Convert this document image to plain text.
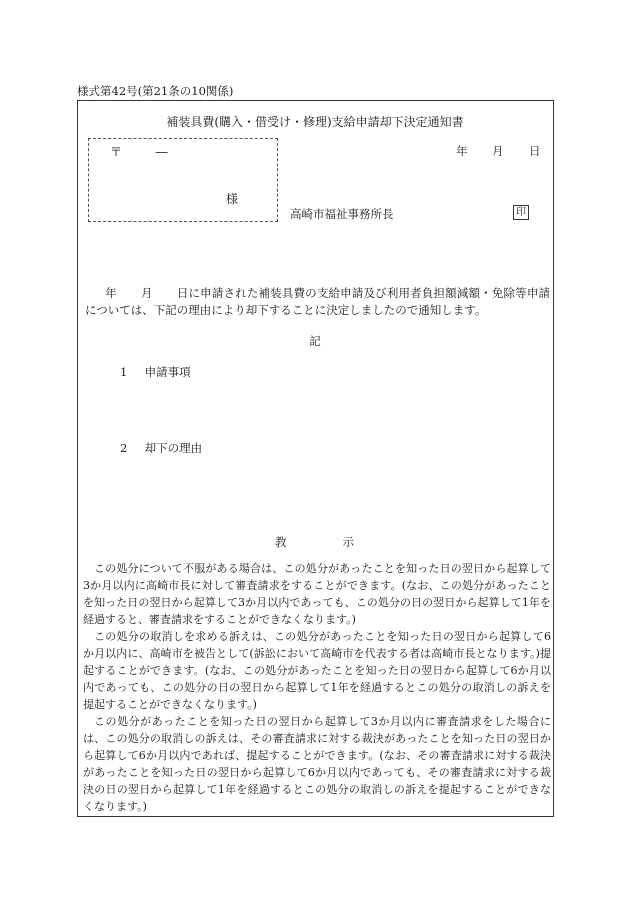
様式第42号(第21条の10関係)
補装具費(購入・借受け・修理)支給申請却下決定通知書
〒	―
様
年 月 日
高崎市福祉事務所長	印
年 月 日に申請された補装具費の支給申請及び利用者負担額減額・免除等申請については、下記の理由により却下することに決定しましたので通知します。
記
1 申請事項
2 却下の理由
教　　　　示

この処分について不服がある場合は、この処分があったことを知った日の翌日から起算して3か月以内に高崎市長に対して審査請求をすることができます。(なお、この処分があったことを知った日の翌日から起算して3か月以内であっても、この処分の日の翌日から起算して1年を経過すると、審査請求をすることができなくなります。)

この処分の取消しを求める訴えは、この処分があったことを知った日の翌日から起算して6か月以内に、高崎市を被告として(訴訟において高崎市を代表する者は高崎市長となります。)提起することができます。(なお、この処分があったことを知った日の翌日から起算して6か月以内であっても、この処分の日の翌日から起算して1年を経過するとこの処分の取消しの訴えを提起することができなくなります。)

この処分があったことを知った日の翌日から起算して3か月以内に審査請求をした場合には、この処分の取消しの訴えは、その審査請求に対する裁決があったことを知った日の翌日から起算して6か月以内であれば、提起することができます。(なお、その審査請求に対する裁決があったことを知った日の翌日から起算して6か月以内であっても、その審査請求に対する裁決の日の翌日から起算して1年を経過するとこの処分の取消しの訴えを提起することができなくなります。)
